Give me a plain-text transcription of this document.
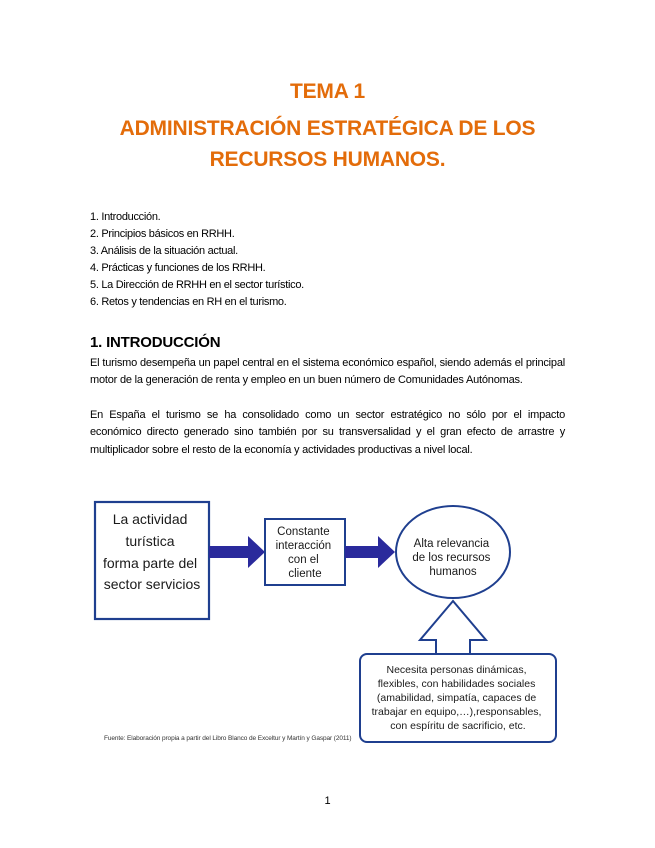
TEMA 1
ADMINISTRACIÓN ESTRATÉGICA DE LOS
RECURSOS HUMANOS.
1. Introducción.
2. Principios básicos en RRHH.
3. Análisis de la situación actual.
4. Prácticas y funciones de los RRHH.
5. La Dirección de RRHH en el sector turístico.
6. Retos y tendencias en RH en el turismo.
1. INTRODUCCIÓN

El turismo desempeña un papel central en el sistema económico español, siendo además el principal motor de la generación de renta y empleo en un buen número de Comunidades Autónomas.

En España el turismo se ha consolidado como un sector estratégico no sólo por el impacto económico directo generado sino también por su transversalidad y el gran efecto de arrastre y multiplicador sobre el resto de la economía y actividades productivas a nivel local.

La actividad turística forma parte del sector servicios
Constante interacción con el cliente
Alta relevancia de los recursos humanos
Necesita personas dinámicas, flexibles, con habilidades sociales (amabilidad, simpatía, capaces de trabajar en equipo,…),responsables, con espíritu de sacrificio, etc.
Fuente: Elaboración propia a partir del Libro Blanco de Exceltur y Martín y Gaspar (2011)
1
